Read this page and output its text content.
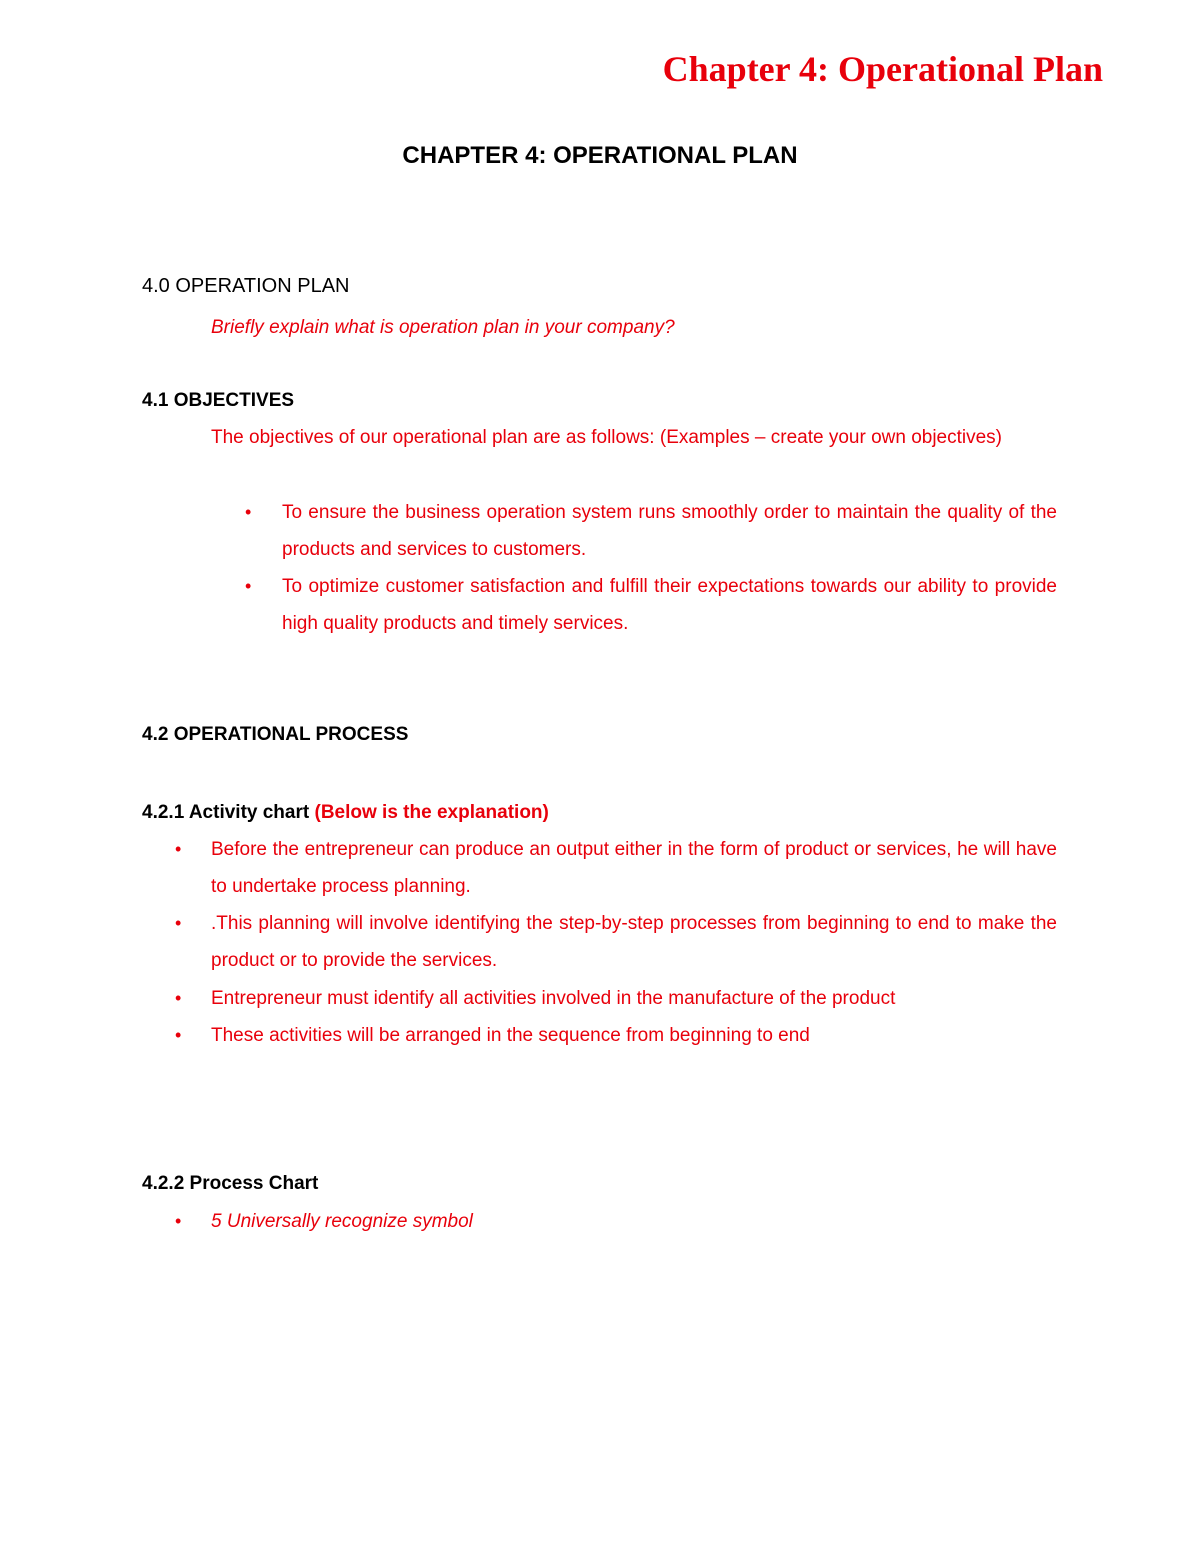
Chapter 4: Operational Plan
CHAPTER 4: OPERATIONAL PLAN
4.0 OPERATION PLAN
Briefly explain what is operation plan in your company?
4.1 OBJECTIVES
The objectives of our operational plan are as follows: (Examples – create your own objectives)
• To ensure the business operation system runs smoothly order to maintain the quality of the products and services to customers.
• To optimize customer satisfaction and fulfill their expectations towards our ability to provide high quality products and timely services.
4.2 OPERATIONAL PROCESS
4.2.1 Activity chart (Below is the explanation)
• Before the entrepreneur can produce an output either in the form of product or services, he will have to undertake process planning.
• .This planning will involve identifying the step-by-step processes from beginning to end to make the product or to provide the services.
• Entrepreneur must identify all activities involved in the manufacture of the product
• These activities will be arranged in the sequence from beginning to end
4.2.2 Process Chart
• 5 Universally recognize symbol
